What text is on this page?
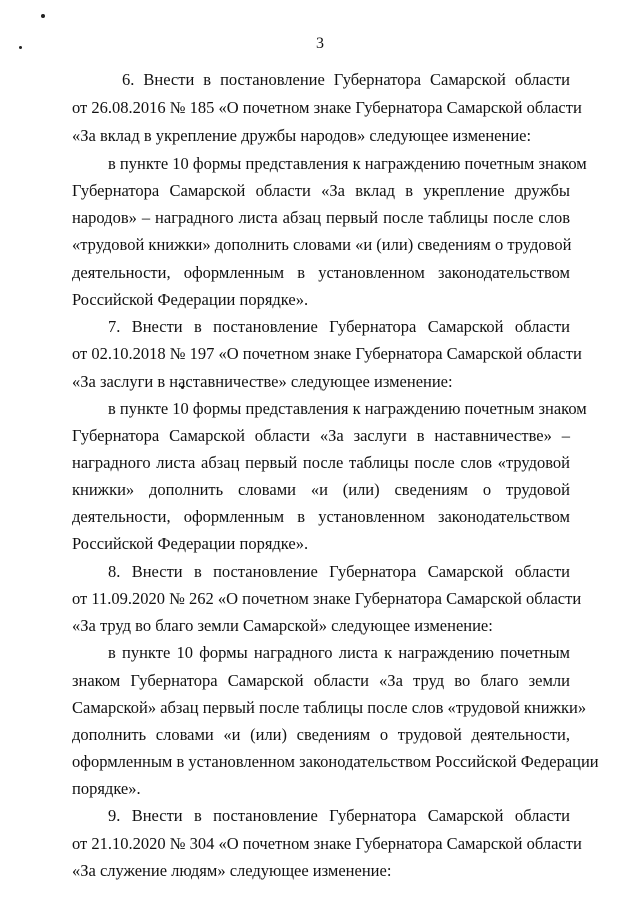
3
6. Внести в постановление Губернатора Самарской области
от 26.08.2016 № 185 «О почетном знаке Губернатора Самарской области
«За вклад в укрепление дружбы народов» следующее изменение:
в пункте 10 формы представления к награждению почетным знаком
Губернатора Самарской области «За вклад в укрепление дружбы
народов» – наградного листа абзац первый после таблицы после слов
«трудовой книжки» дополнить словами «и (или) сведениям о трудовой
деятельности, оформленным в установленном законодательством
Российской Федерации порядке».
7. Внести в постановление Губернатора Самарской области
от 02.10.2018 № 197 «О почетном знаке Губернатора Самарской области
«За заслуги в наставничестве» следующее изменение:
в пункте 10 формы представления к награждению почетным знаком
Губернатора Самарской области «За заслуги в наставничестве» –
наградного листа абзац первый после таблицы после слов «трудовой
книжки» дополнить словами «и (или) сведениям о трудовой
деятельности, оформленным в установленном законодательством
Российской Федерации порядке».
8. Внести в постановление Губернатора Самарской области
от 11.09.2020 № 262 «О почетном знаке Губернатора Самарской области
«За труд во благо земли Самарской» следующее изменение:
в пункте 10 формы наградного листа к награждению почетным
знаком Губернатора Самарской области «За труд во благо земли
Самарской» абзац первый после таблицы после слов «трудовой книжки»
дополнить словами «и (или) сведениям о трудовой деятельности,
оформленным в установленном законодательством Российской Федерации
порядке».
9. Внести в постановление Губернатора Самарской области
от 21.10.2020 № 304 «О почетном знаке Губернатора Самарской области
«За служение людям» следующее изменение:
